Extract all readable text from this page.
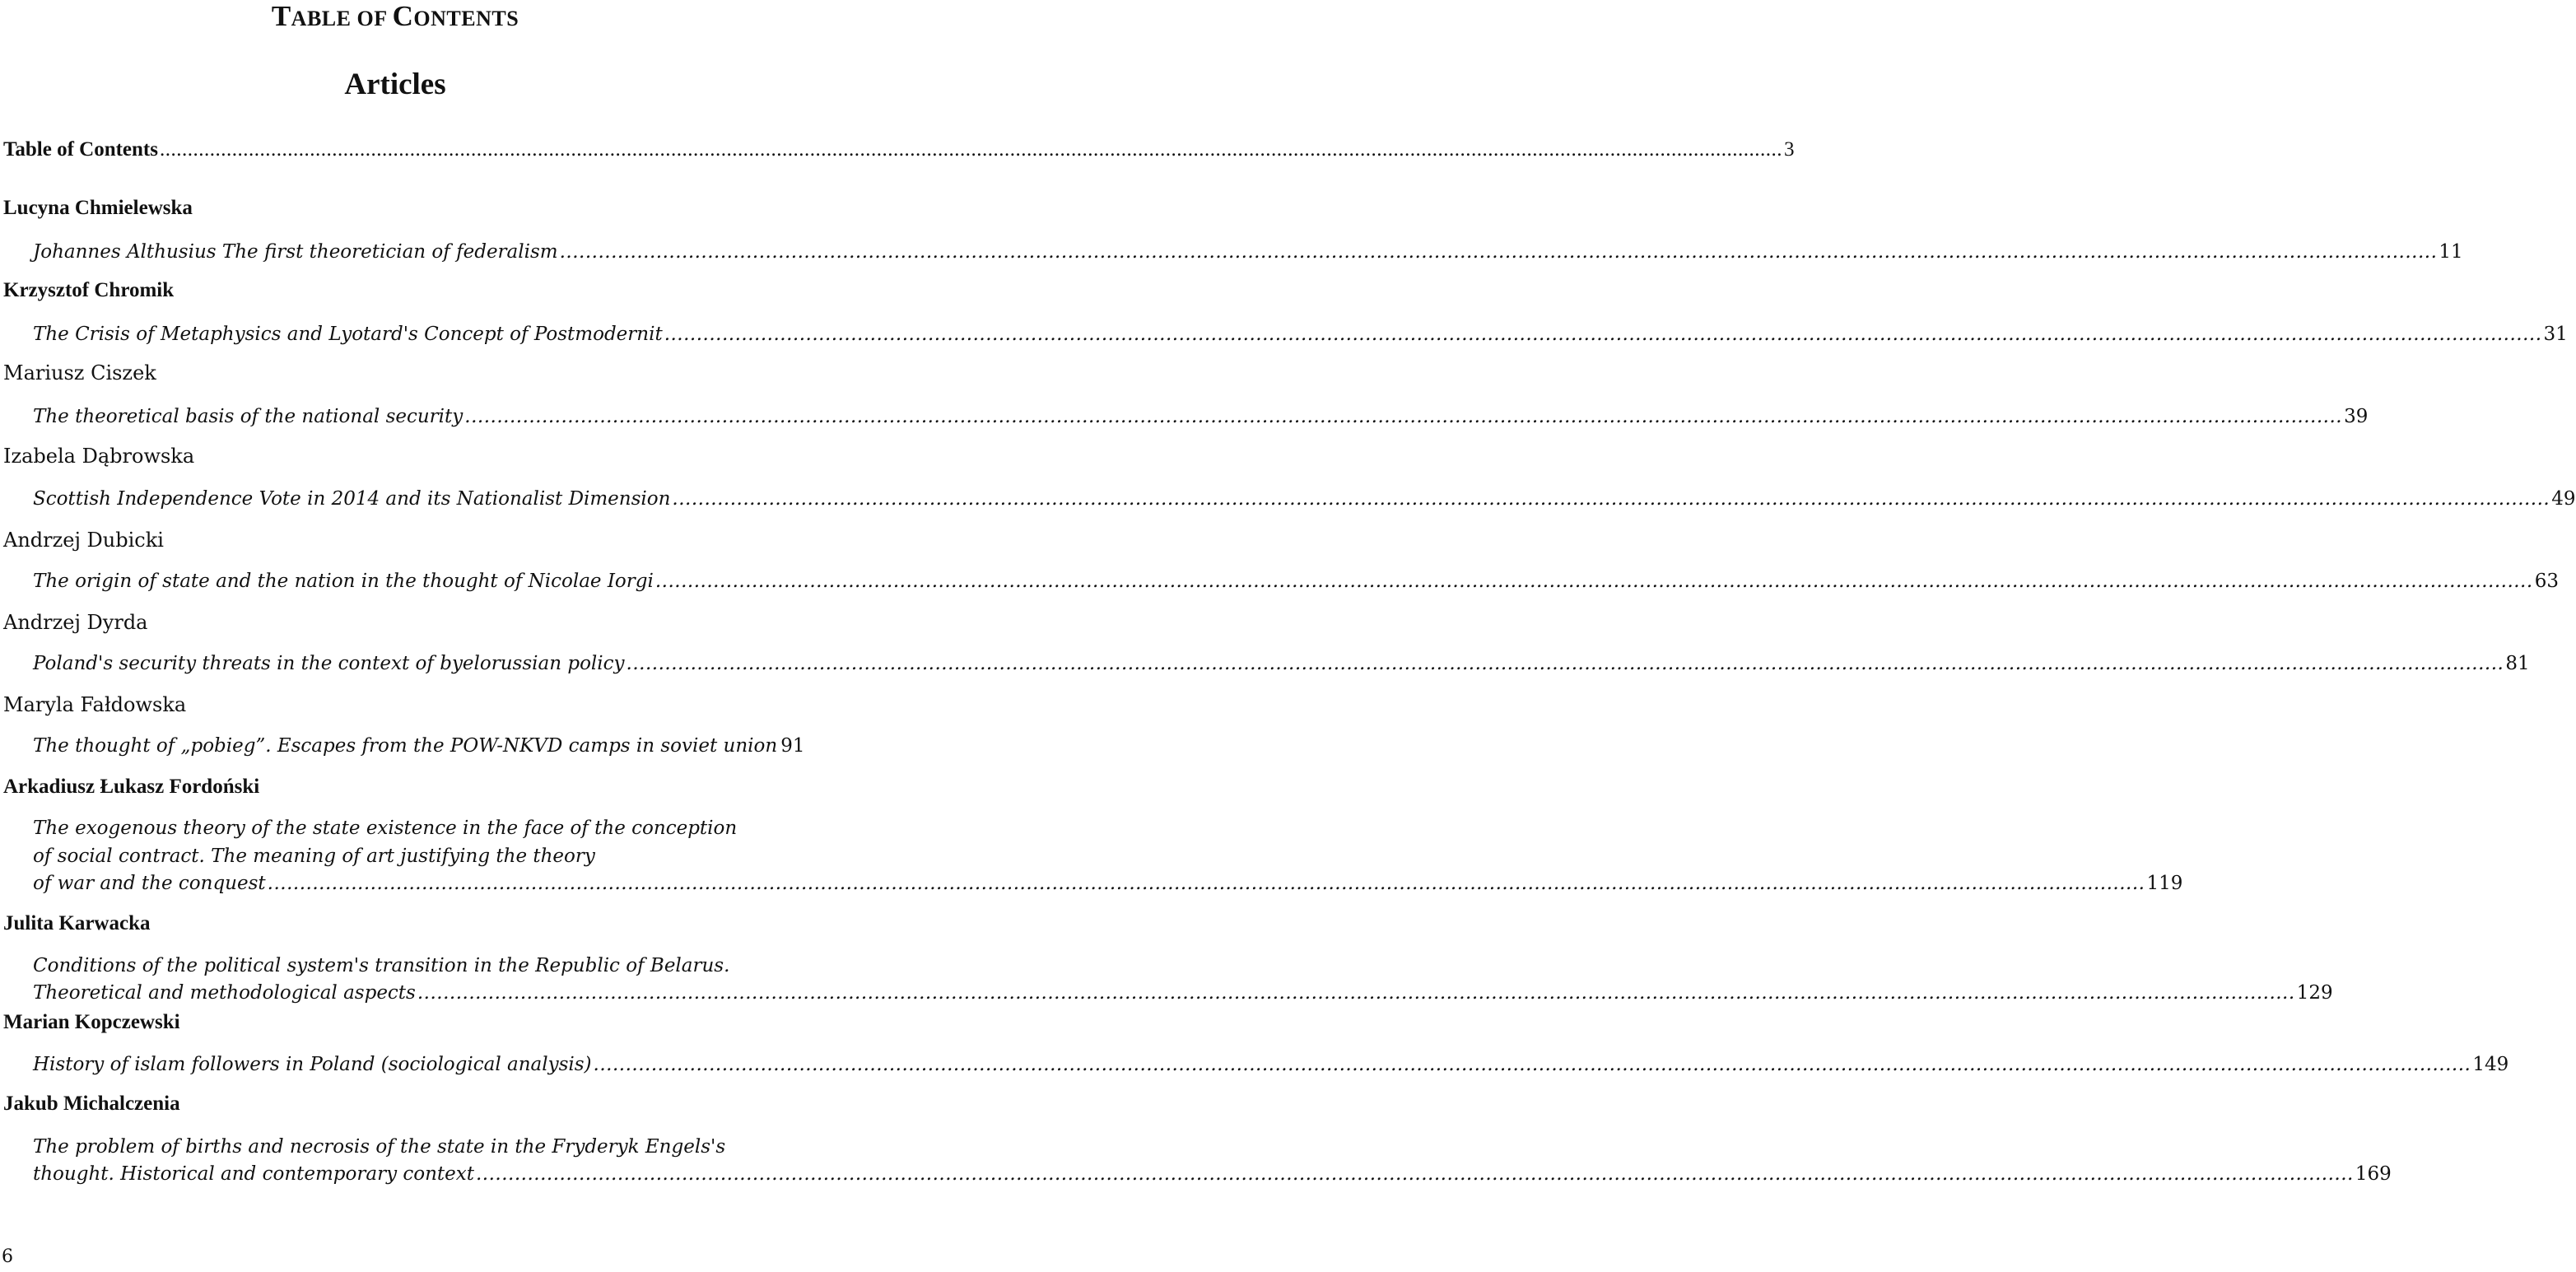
TABLE OF CONTENTS
Articles
Table of Contents .....	3
Lucyna Chmielewska
Johannes Althusius The first theoretician of federalism .....	11
Krzysztof Chromik
The Crisis of Metaphysics and Lyotard's Concept of Postmodernit .....	31
Mariusz Ciszek
The theoretical basis of the national security .....	39
Izabela Dąbrowska
Scottish Independence Vote in 2014 and its Nationalist Dimension .....	49
Andrzej Dubicki
The origin of state and the nation in the thought of Nicolae Iorgi .....	63
Andrzej Dyrda
Poland's security threats in the context of byelorussian policy .....	81
Maryla Fałdowska
The thought of „pobieg”. Escapes from the POW-NKVD camps in soviet union 91
Arkadiusz Łukasz Fordoński
The exogenous theory of the state existence in the face of the conception
of social contract. The meaning of art justifying the theory
of war and the conquest .....	119
Julita Karwacka
Conditions of the political system's transition in the Republic of Belarus.
Theoretical and methodological aspects .....	129
Marian Kopczewski
History of islam followers in Poland (sociological analysis) .....	149
Jakub Michalczenia
The problem of births and necrosis of the state in the Fryderyk Engels's
thought. Historical and contemporary context .....	169
6
